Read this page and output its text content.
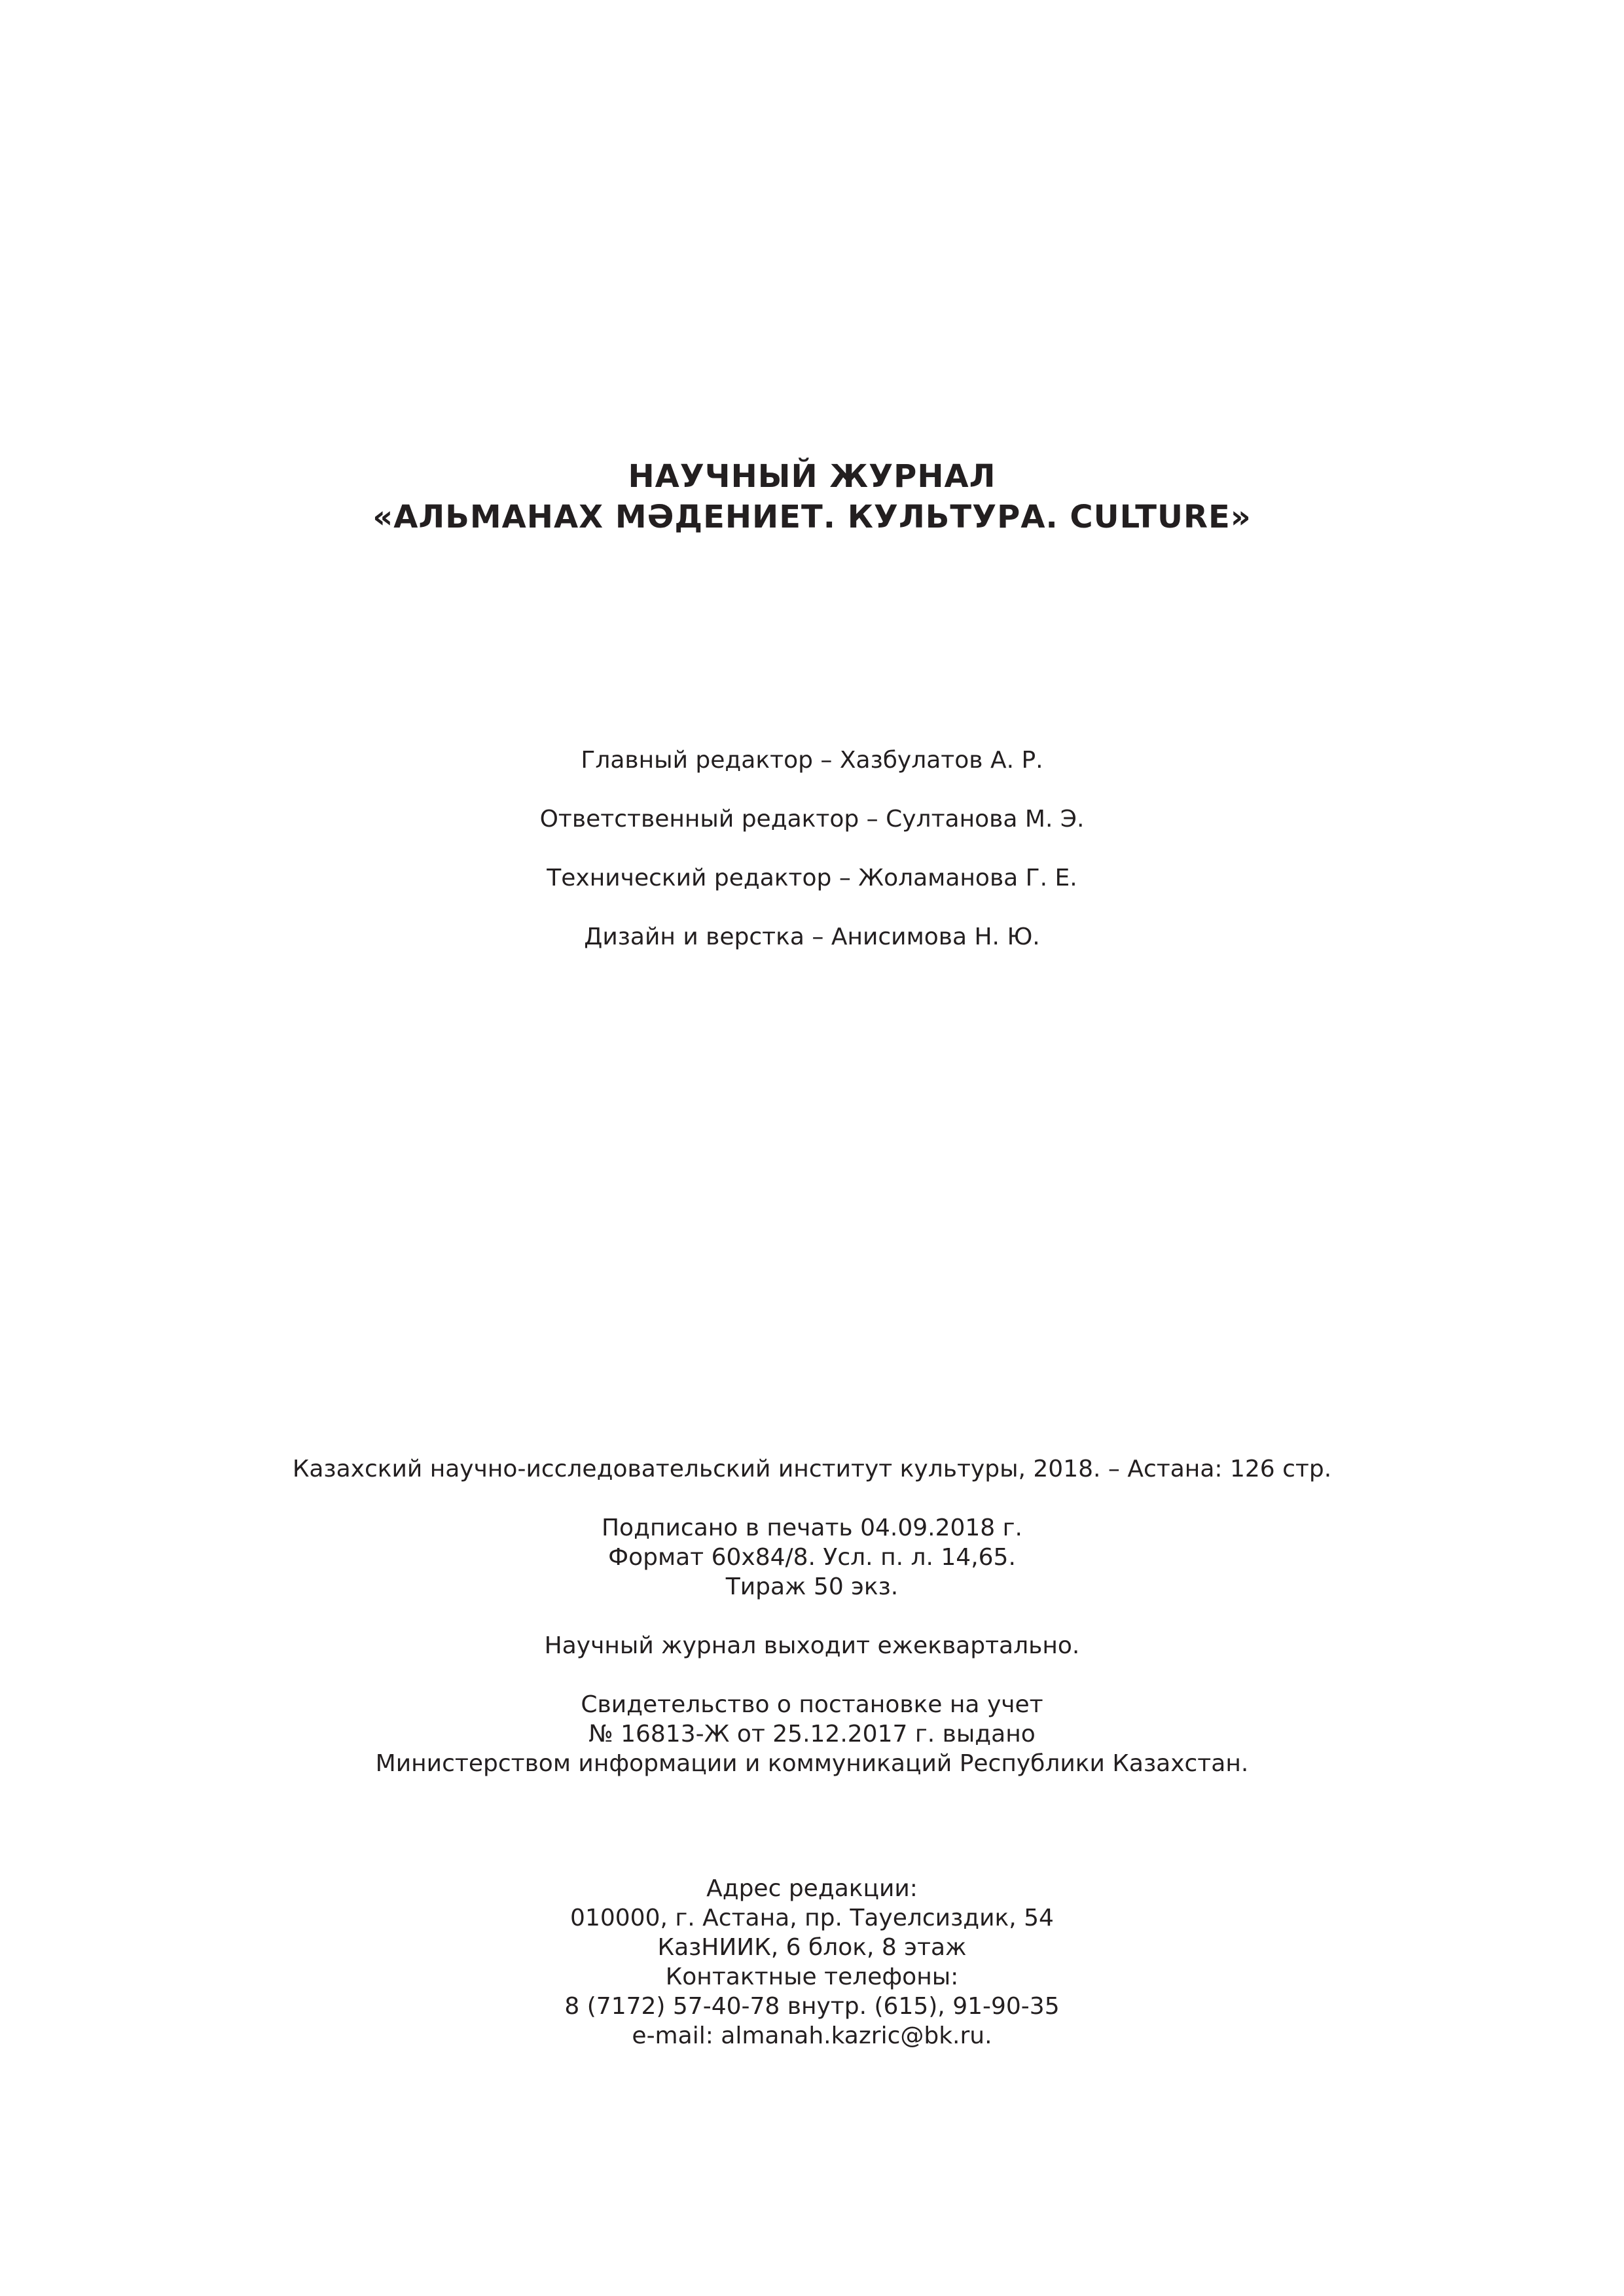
НАУЧНЫЙ ЖУРНАЛ
«АЛЬМАНАХ МӘДЕНИЕТ. КУЛЬТУРА. CULTURE»
Главный редактор – Хазбулатов А. Р.
Ответственный редактор – Султанова М. Э.
Технический редактор – Жоламанова Г. Е.
Дизайн и верстка – Анисимова Н. Ю.
Казахский научно-исследовательский институт культуры, 2018. – Астана: 126 стр.
Подписано в печать 04.09.2018 г.
Формат 60х84/8. Усл. п. л. 14,65.
Тираж 50 экз.
Научный журнал выходит ежеквартально.
Свидетельство о постановке на учет
№ 16813-Ж от 25.12.2017 г. выдано
Министерством информации и коммуникаций Республики Казахстан.
Адрес редакции:
010000, г. Астана, пр. Тауелсиздик, 54
КазНИИК, 6 блок, 8 этаж
Контактные телефоны:
8 (7172) 57-40-78 внутр. (615), 91-90-35
e-mail: almanah.kazric@bk.ru.
